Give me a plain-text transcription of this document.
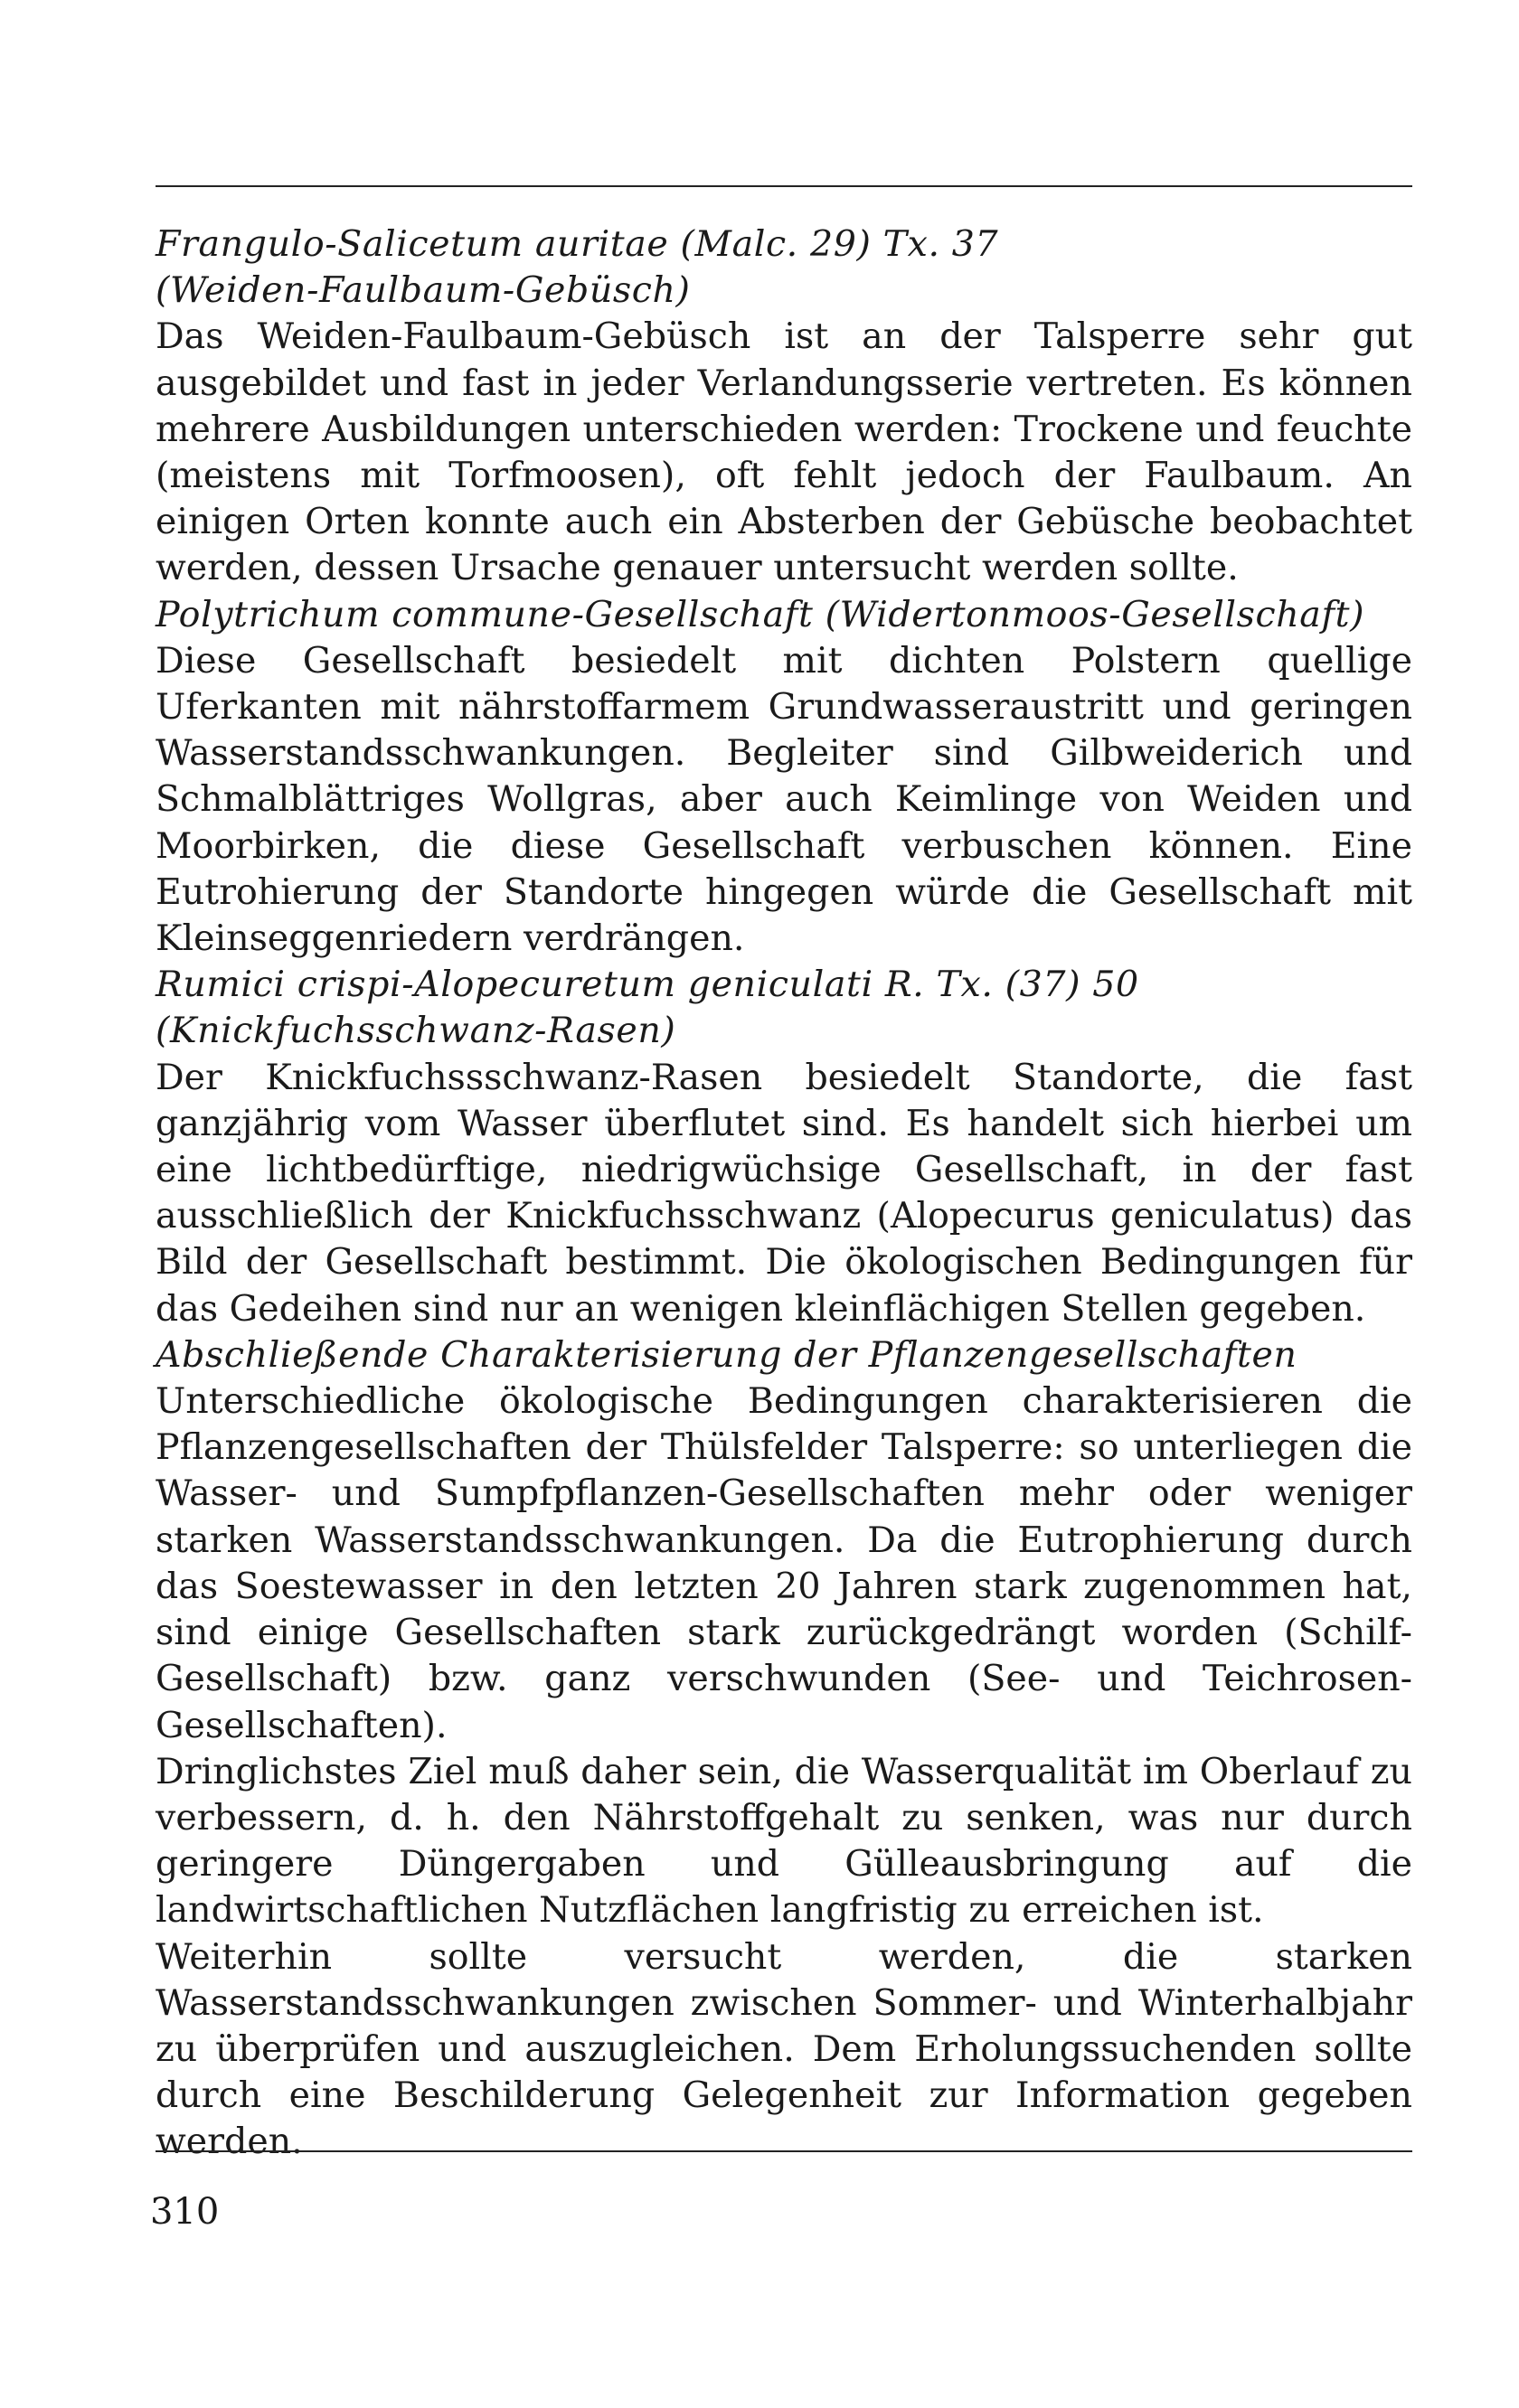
Frangulo-Salicetum auritae (Malc. 29) Tx. 37

(Weiden-Faulbaum-Gebüsch)

Das Weiden-Faulbaum-Gebüsch ist an der Talsperre sehr gut ausgebildet und fast in jeder Verlandungsserie vertreten. Es können mehrere Ausbildungen unterschieden werden: Trockene und feuchte (meistens mit Torfmoosen), oft fehlt jedoch der Faulbaum. An einigen Orten konnte auch ein Absterben der Gebüsche beobachtet werden, dessen Ursache genauer untersucht werden sollte.

Polytrichum commune-Gesellschaft (Widertonmoos-Gesellschaft)

Diese Gesellschaft besiedelt mit dichten Polstern quellige Uferkanten mit nährstoffarmem Grundwasseraustritt und geringen Wasserstandsschwankungen. Begleiter sind Gilbweiderich und Schmalblättriges Wollgras, aber auch Keimlinge von Weiden und Moorbirken, die diese Gesellschaft verbuschen können. Eine Eutrohierung der Standorte hingegen würde die Gesellschaft mit Kleinseggenriedern verdrängen.

Rumici crispi-Alopecuretum geniculati R. Tx. (37) 50

(Knickfuchsschwanz-Rasen)

Der Knickfuchssschwanz-Rasen besiedelt Standorte, die fast ganzjährig vom Wasser überflutet sind. Es handelt sich hierbei um eine lichtbedürftige, niedrigwüchsige Gesellschaft, in der fast ausschließlich der Knickfuchsschwanz (Alopecurus geniculatus) das Bild der Gesellschaft bestimmt. Die ökologischen Bedingungen für das Gedeihen sind nur an wenigen kleinflächigen Stellen gegeben.

Abschließende Charakterisierung der Pflanzengesellschaften

Unterschiedliche ökologische Bedingungen charakterisieren die Pflanzengesellschaften der Thülsfelder Talsperre: so unterliegen die Wasser- und Sumpfpflanzen-Gesellschaften mehr oder weniger starken Wasserstandsschwankungen. Da die Eutrophierung durch das Soestewasser in den letzten 20 Jahren stark zugenommen hat, sind einige Gesellschaften stark zurückgedrängt worden (Schilf-Gesellschaft) bzw. ganz verschwunden (See- und Teichrosen-Gesellschaften).

Dringlichstes Ziel muß daher sein, die Wasserqualität im Oberlauf zu verbessern, d. h. den Nährstoffgehalt zu senken, was nur durch geringere Düngergaben und Gülleausbringung auf die landwirtschaftlichen Nutzflächen langfristig zu erreichen ist.

Weiterhin sollte versucht werden, die starken Wasserstandsschwankungen zwischen Sommer- und Winterhalbjahr zu überprüfen und auszugleichen. Dem Erholungssuchenden sollte durch eine Beschilderung Gelegenheit zur Information gegeben werden.

310
